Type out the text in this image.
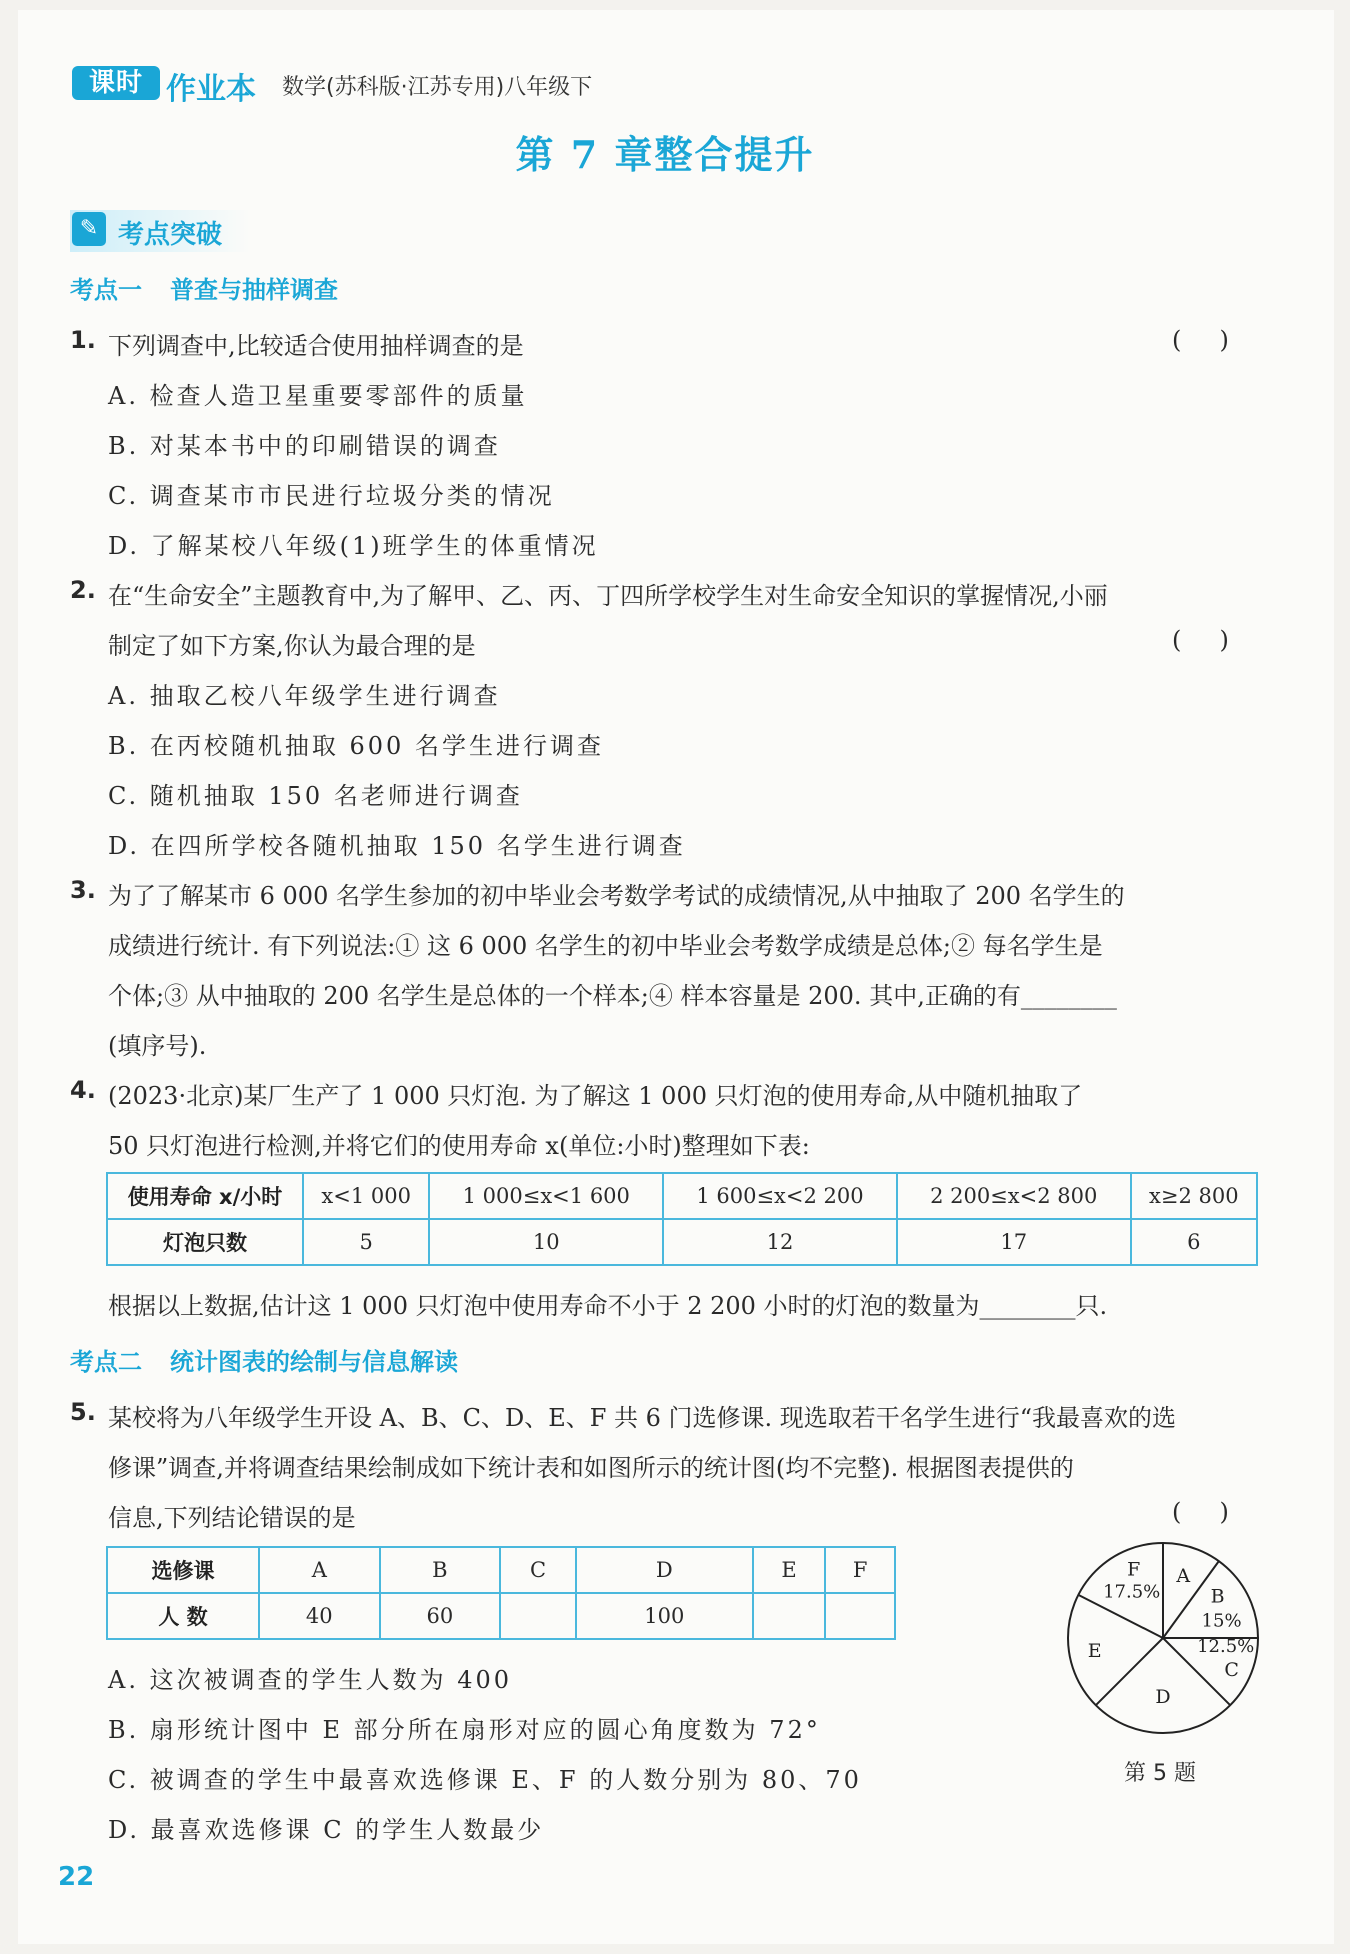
课时 作业本 数学(苏科版·江苏专用)八年级下
第 7 章整合提升
✎ 考点突破
考点一 普查与抽样调查
1. 下列调查中,比较适合使用抽样调查的是	(     )
A. 检查人造卫星重要零部件的质量
B. 对某本书中的印刷错误的调查
C. 调查某市市民进行垃圾分类的情况
D. 了解某校八年级(1)班学生的体重情况
2. 在“生命安全”主题教育中,为了解甲、乙、丙、丁四所学校学生对生命安全知识的掌握情况,小丽
制定了如下方案,你认为最合理的是	(     )
A. 抽取乙校八年级学生进行调查
B. 在丙校随机抽取 600 名学生进行调查
C. 随机抽取 150 名老师进行调查
D. 在四所学校各随机抽取 150 名学生进行调查
3. 为了了解某市 6 000 名学生参加的初中毕业会考数学考试的成绩情况,从中抽取了 200 名学生的
成绩进行统计. 有下列说法:① 这 6 000 名学生的初中毕业会考数学成绩是总体;② 每名学生是
个体;③ 从中抽取的 200 名学生是总体的一个样本;④ 样本容量是 200. 其中,正确的有________
(填序号).
4. (2023·北京)某厂生产了 1 000 只灯泡. 为了解这 1 000 只灯泡的使用寿命,从中随机抽取了
50 只灯泡进行检测,并将它们的使用寿命 x(单位:小时)整理如下表:
使用寿命 x/小时	x<1 000	1 000≤x<1 600	1 600≤x<2 200	2 200≤x<2 800	x≥2 800
灯泡只数	5	10	12	17	6
根据以上数据,估计这 1 000 只灯泡中使用寿命不小于 2 200 小时的灯泡的数量为________只.
考点二 统计图表的绘制与信息解读
5. 某校将为八年级学生开设 A、B、C、D、E、F 共 6 门选修课. 现选取若干名学生进行“我最喜欢的选
修课”调查,并将调查结果绘制成如下统计表和如图所示的统计图(均不完整). 根据图表提供的
信息,下列结论错误的是	(     )
选修课	A	B	C	D	E	F
人 数	40	60		100		
A. 这次被调查的学生人数为 400
B. 扇形统计图中 E 部分所在扇形对应的圆心角度数为 72°
C. 被调查的学生中最喜欢选修课 E、F 的人数分别为 80、70
D. 最喜欢选修课 C 的学生人数最少
A
B
15%
12.5%
C
D
E
F
17.5%
第 5 题
22
